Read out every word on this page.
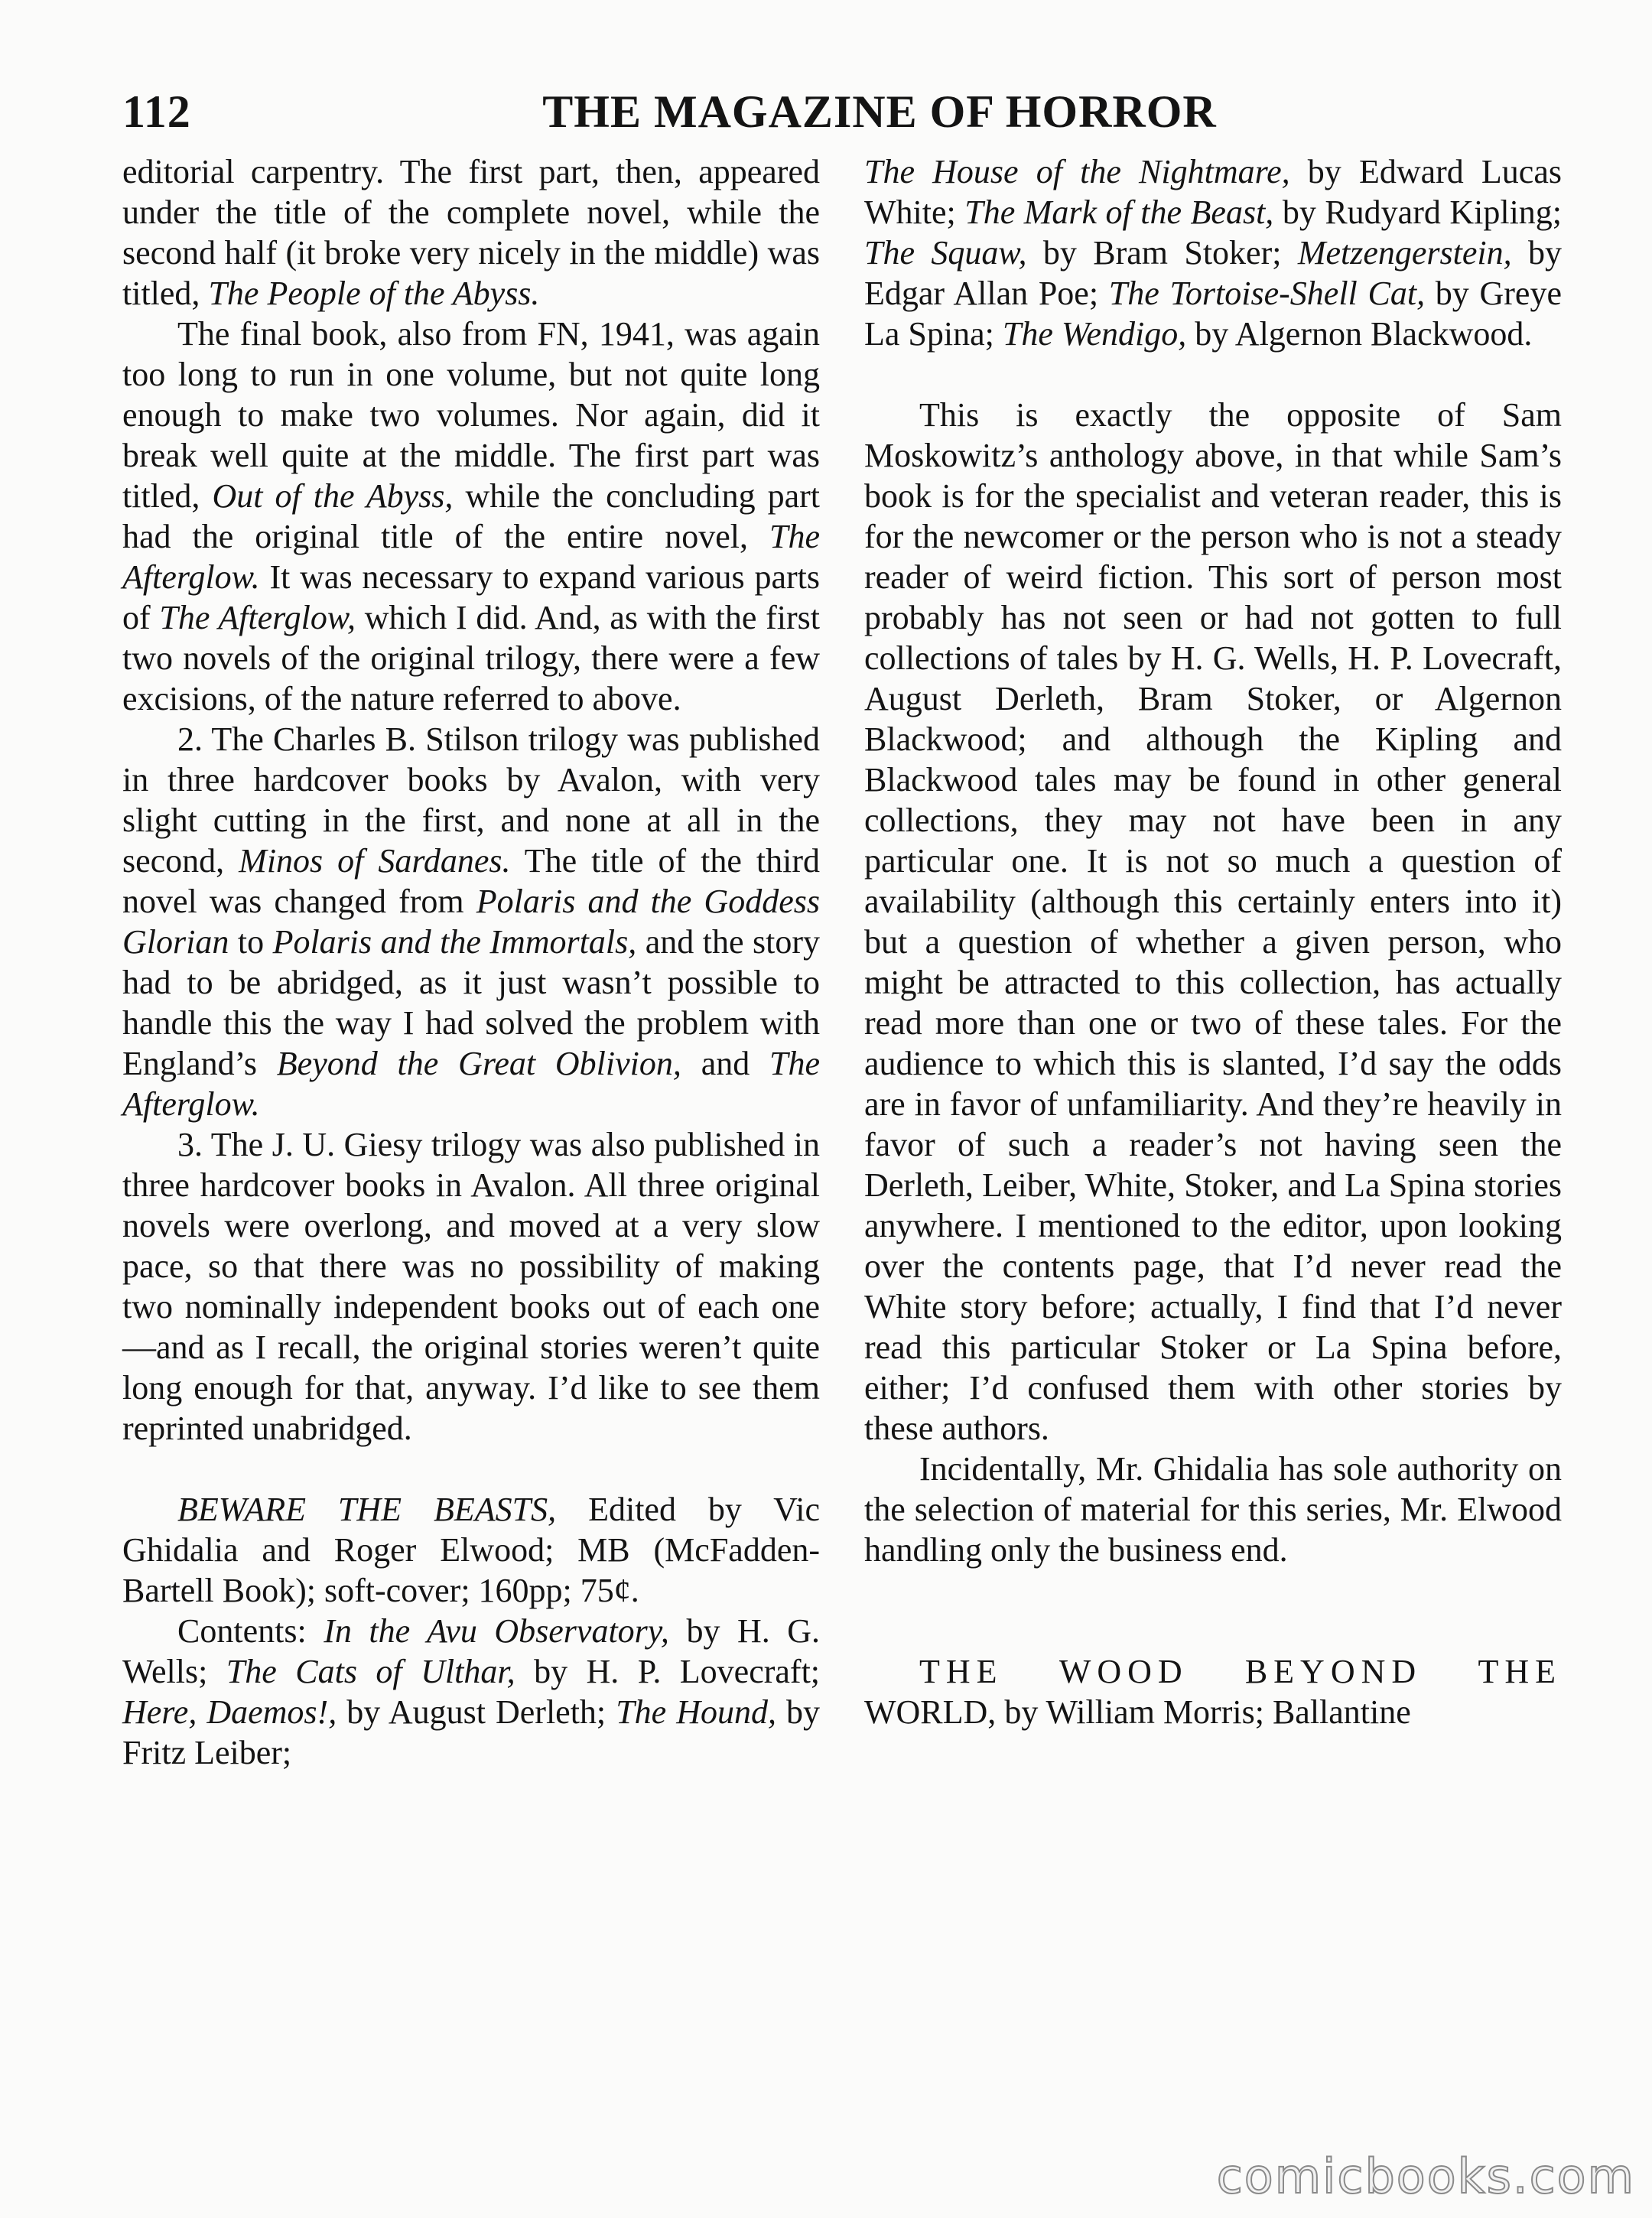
112	THE MAGAZINE OF HORROR

editorial carpentry. The first part, then, appeared under the title of the complete novel, while the second half (it broke very nicely in the middle) was titled, The People of the Abyss.

The final book, also from FN, 1941, was again too long to run in one volume, but not quite long enough to make two volumes. Nor again, did it break well quite at the middle. The first part was titled, Out of the Abyss, while the concluding part had the original title of the entire novel, The Afterglow. It was necessary to expand various parts of The Afterglow, which I did. And, as with the first two novels of the original trilogy, there were a few excisions, of the nature referred to above.

2. The Charles B. Stilson trilogy was published in three hardcover books by Avalon, with very slight cutting in the first, and none at all in the second, Minos of Sardanes. The title of the third novel was changed from Polaris and the Goddess Glorian to Polaris and the Immortals, and the story had to be abridged, as it just wasn’t possible to handle this the way I had solved the problem with England’s Beyond the Great Oblivion, and The Afterglow.

3. The J. U. Giesy trilogy was also published in three hardcover books in Avalon. All three original novels were overlong, and moved at a very slow pace, so that there was no possibility of making two nominally independent books out of each one—and as I recall, the original stories weren’t quite long enough for that, anyway. I’d like to see them reprinted unabridged.

BEWARE THE BEASTS, Edited by Vic Ghidalia and Roger Elwood; MB (McFadden-Bartell Book); soft-cover; 160pp; 75¢.

Contents: In the Avu Observatory, by H. G. Wells; The Cats of Ulthar, by H. P. Lovecraft; Here, Daemos!, by August Derleth; The Hound, by Fritz Leiber;

The House of the Nightmare, by Edward Lucas White; The Mark of the Beast, by Rudyard Kipling; The Squaw, by Bram Stoker; Metzengerstein, by Edgar Allan Poe; The Tortoise-Shell Cat, by Greye La Spina; The Wendigo, by Algernon Blackwood.

This is exactly the opposite of Sam Moskowitz’s anthology above, in that while Sam’s book is for the specialist and veteran reader, this is for the newcomer or the person who is not a steady reader of weird fiction. This sort of person most probably has not seen or had not gotten to full collections of tales by H. G. Wells, H. P. Lovecraft, August Derleth, Bram Stoker, or Algernon Blackwood; and although the Kipling and Blackwood tales may be found in other general collections, they may not have been in any particular one. It is not so much a question of availability (although this certainly enters into it) but a question of whether a given person, who might be attracted to this collection, has actually read more than one or two of these tales. For the audience to which this is slanted, I’d say the odds are in favor of unfamiliarity. And they’re heavily in favor of such a reader’s not having seen the Derleth, Leiber, White, Stoker, and La Spina stories anywhere. I mentioned to the editor, upon looking over the contents page, that I’d never read the White story before; actually, I find that I’d never read this particular Stoker or La Spina before, either; I’d confused them with other stories by these authors.

Incidentally, Mr. Ghidalia has sole authority on the selection of material for this series, Mr. Elwood handling only the business end.

THE WOOD BEYOND THE WORLD, by William Morris; Ballantine

comicbooks.com
